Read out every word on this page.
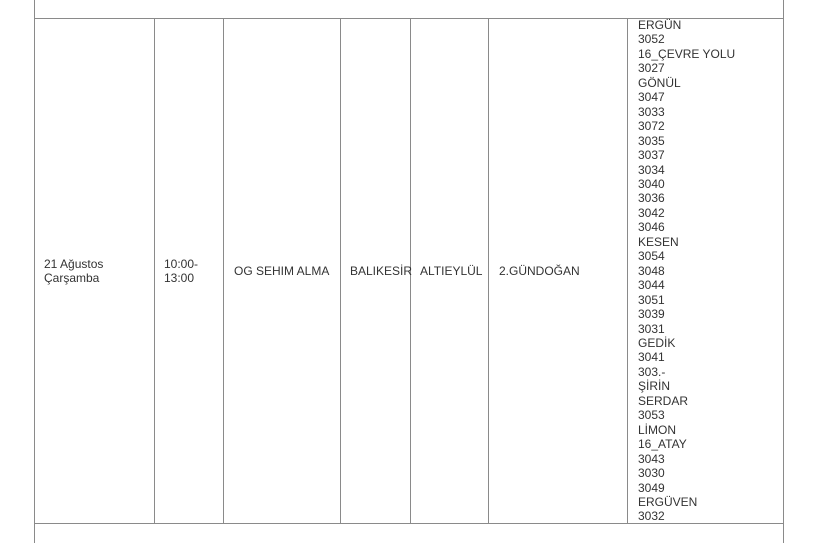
21 Ağustos
Çarşamba
10:00-
13:00	OG SEHIM ALMA BALIKESİR ALTIEYLÜL 2.GÜNDOĞAN
ERGÜN
3052
16_ÇEVRE YOLU
3027
GÖNÜL
3047
3033
3072
3035
3037
3034
3040
3036
3042
3046
KESEN
3054
3048
3044
3051
3039
3031
GEDİK
3041
303.-
ŞİRİN
SERDAR
3053
LİMON
16_ATAY
3043
3030
3049
ERGÜVEN
3032
